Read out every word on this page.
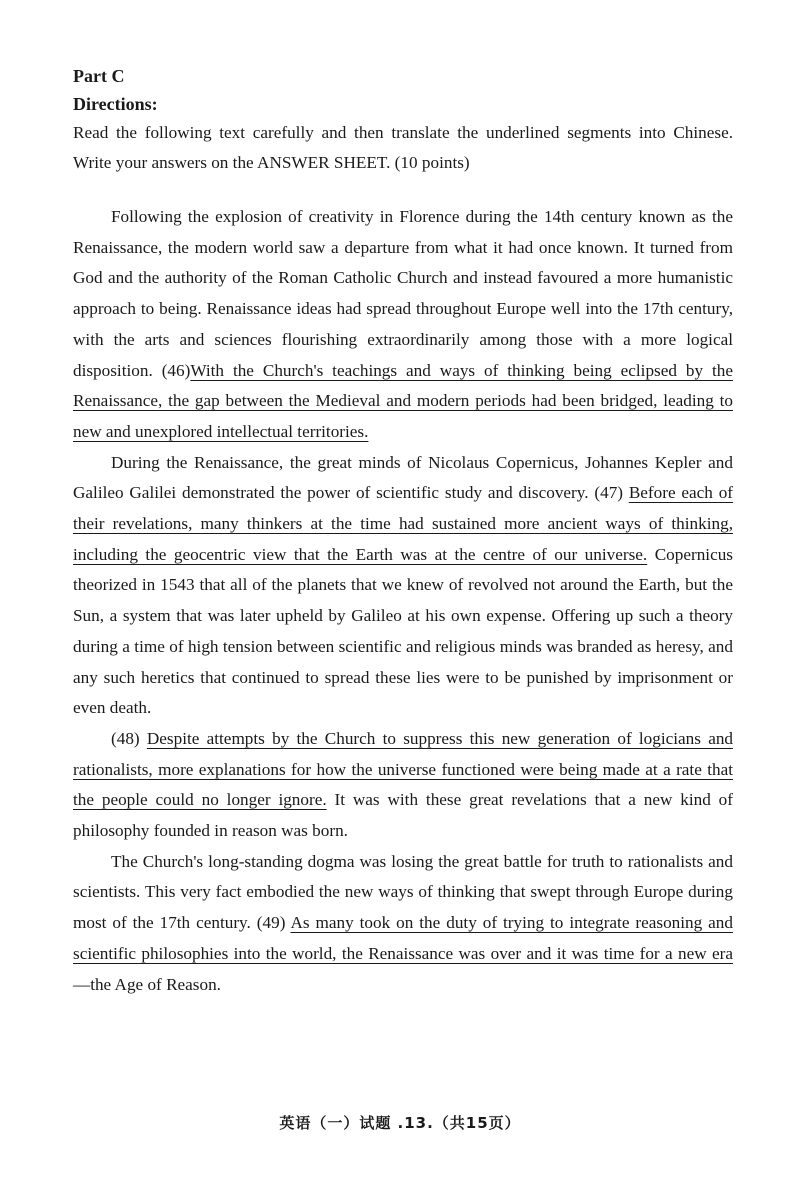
Part C

Directions:

Read the following text carefully and then translate the underlined segments into Chinese. Write your answers on the ANSWER SHEET. (10 points)

Following the explosion of creativity in Florence during the 14th century known as the Renaissance, the modern world saw a departure from what it had once known. It turned from God and the authority of the Roman Catholic Church and instead favoured a more humanistic approach to being. Renaissance ideas had spread throughout Europe well into the 17th century, with the arts and sciences flourishing extraordinarily among those with a more logical disposition. (46)With the Church's teachings and ways of thinking being eclipsed by the Renaissance, the gap between the Medieval and modern periods had been bridged, leading to new and unexplored intellectual territories.

During the Renaissance, the great minds of Nicolaus Copernicus, Johannes Kepler and Galileo Galilei demonstrated the power of scientific study and discovery. (47) Before each of their revelations, many thinkers at the time had sustained more ancient ways of thinking, including the geocentric view that the Earth was at the centre of our universe. Copernicus theorized in 1543 that all of the planets that we knew of revolved not around the Earth, but the Sun, a system that was later upheld by Galileo at his own expense. Offering up such a theory during a time of high tension between scientific and religious minds was branded as heresy, and any such heretics that continued to spread these lies were to be punished by imprisonment or even death.

(48) Despite attempts by the Church to suppress this new generation of logicians and rationalists, more explanations for how the universe functioned were being made at a rate that the people could no longer ignore. It was with these great revelations that a new kind of philosophy founded in reason was born.

The Church's long-standing dogma was losing the great battle for truth to rationalists and scientists. This very fact embodied the new ways of thinking that swept through Europe during most of the 17th century. (49) As many took on the duty of trying to integrate reasoning and scientific philosophies into the world, the Renaissance was over and it was time for a new era—the Age of Reason.

英语（一）试题 .13.（共15页）
